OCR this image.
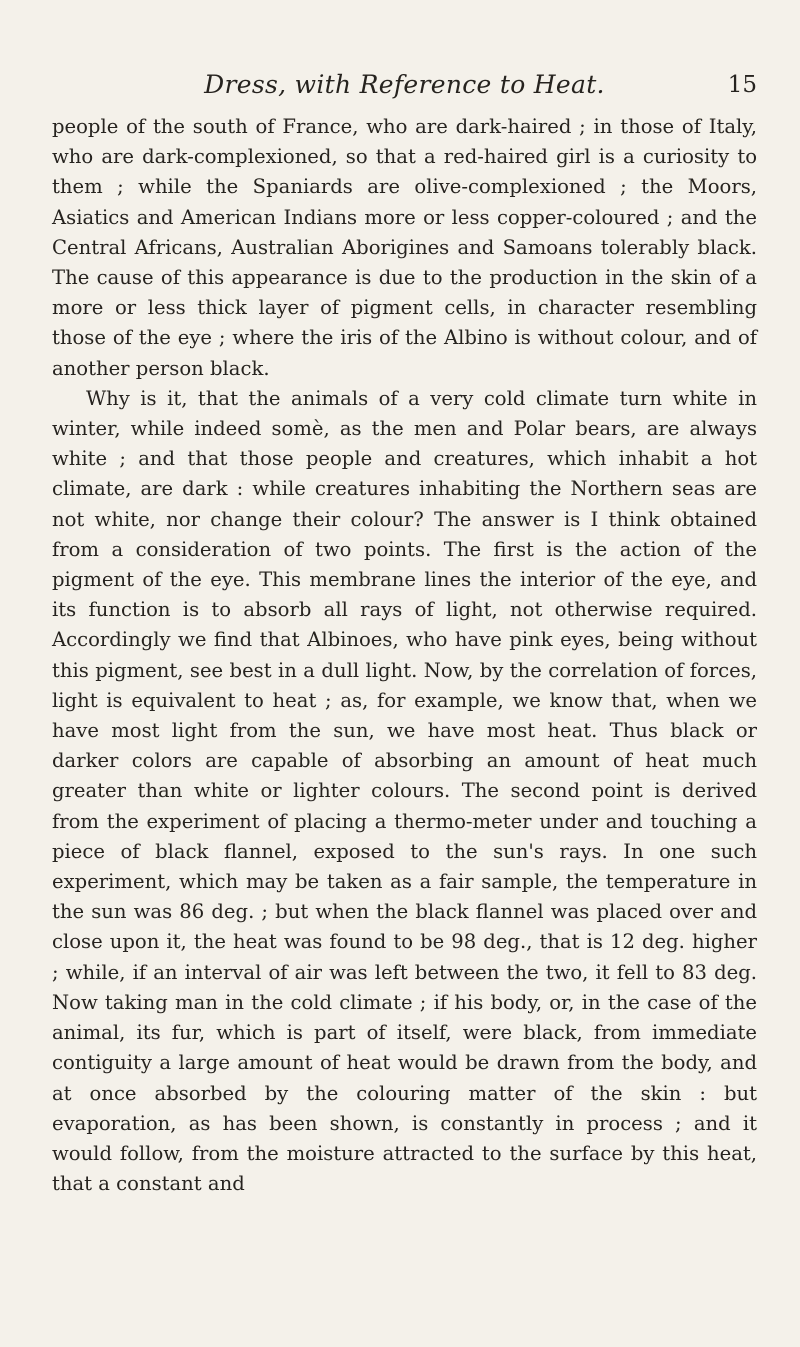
Dress, with Reference to Heat.	15

people of the south of France, who are dark-haired ; in those of Italy, who are dark-complexioned, so that a red-haired girl is a curiosity to them ; while the Spaniards are olive-complexioned ; the Moors, Asiatics and American Indians more or less copper-coloured ; and the Central Africans, Australian Aborigines and Samoans tolerably black. The cause of this appearance is due to the production in the skin of a more or less thick layer of pigment cells, in character resembling those of the eye ; where the iris of the Albino is without colour, and of another person black.

Why is it, that the animals of a very cold climate turn white in winter, while indeed somè, as the men and Polar bears, are always white ; and that those people and creatures, which inhabit a hot climate, are dark : while creatures inhabiting the Northern seas are not white, nor change their colour? The answer is I think obtained from a consideration of two points. The first is the action of the pigment of the eye. This membrane lines the interior of the eye, and its function is to absorb all rays of light, not otherwise required. Accordingly we find that Albinoes, who have pink eyes, being without this pigment, see best in a dull light. Now, by the correlation of forces, light is equivalent to heat ; as, for example, we know that, when we have most light from the sun, we have most heat. Thus black or darker colors are capable of absorbing an amount of heat much greater than white or lighter colours. The second point is derived from the experiment of placing a thermo-meter under and touching a piece of black flannel, exposed to the sun's rays. In one such experiment, which may be taken as a fair sample, the temperature in the sun was 86 deg. ; but when the black flannel was placed over and close upon it, the heat was found to be 98 deg., that is 12 deg. higher ; while, if an interval of air was left between the two, it fell to 83 deg. Now taking man in the cold climate ; if his body, or, in the case of the animal, its fur, which is part of itself, were black, from immediate contiguity a large amount of heat would be drawn from the body, and at once absorbed by the colouring matter of the skin : but evaporation, as has been shown, is constantly in process ; and it would follow, from the moisture attracted to the surface by this heat, that a constant and
